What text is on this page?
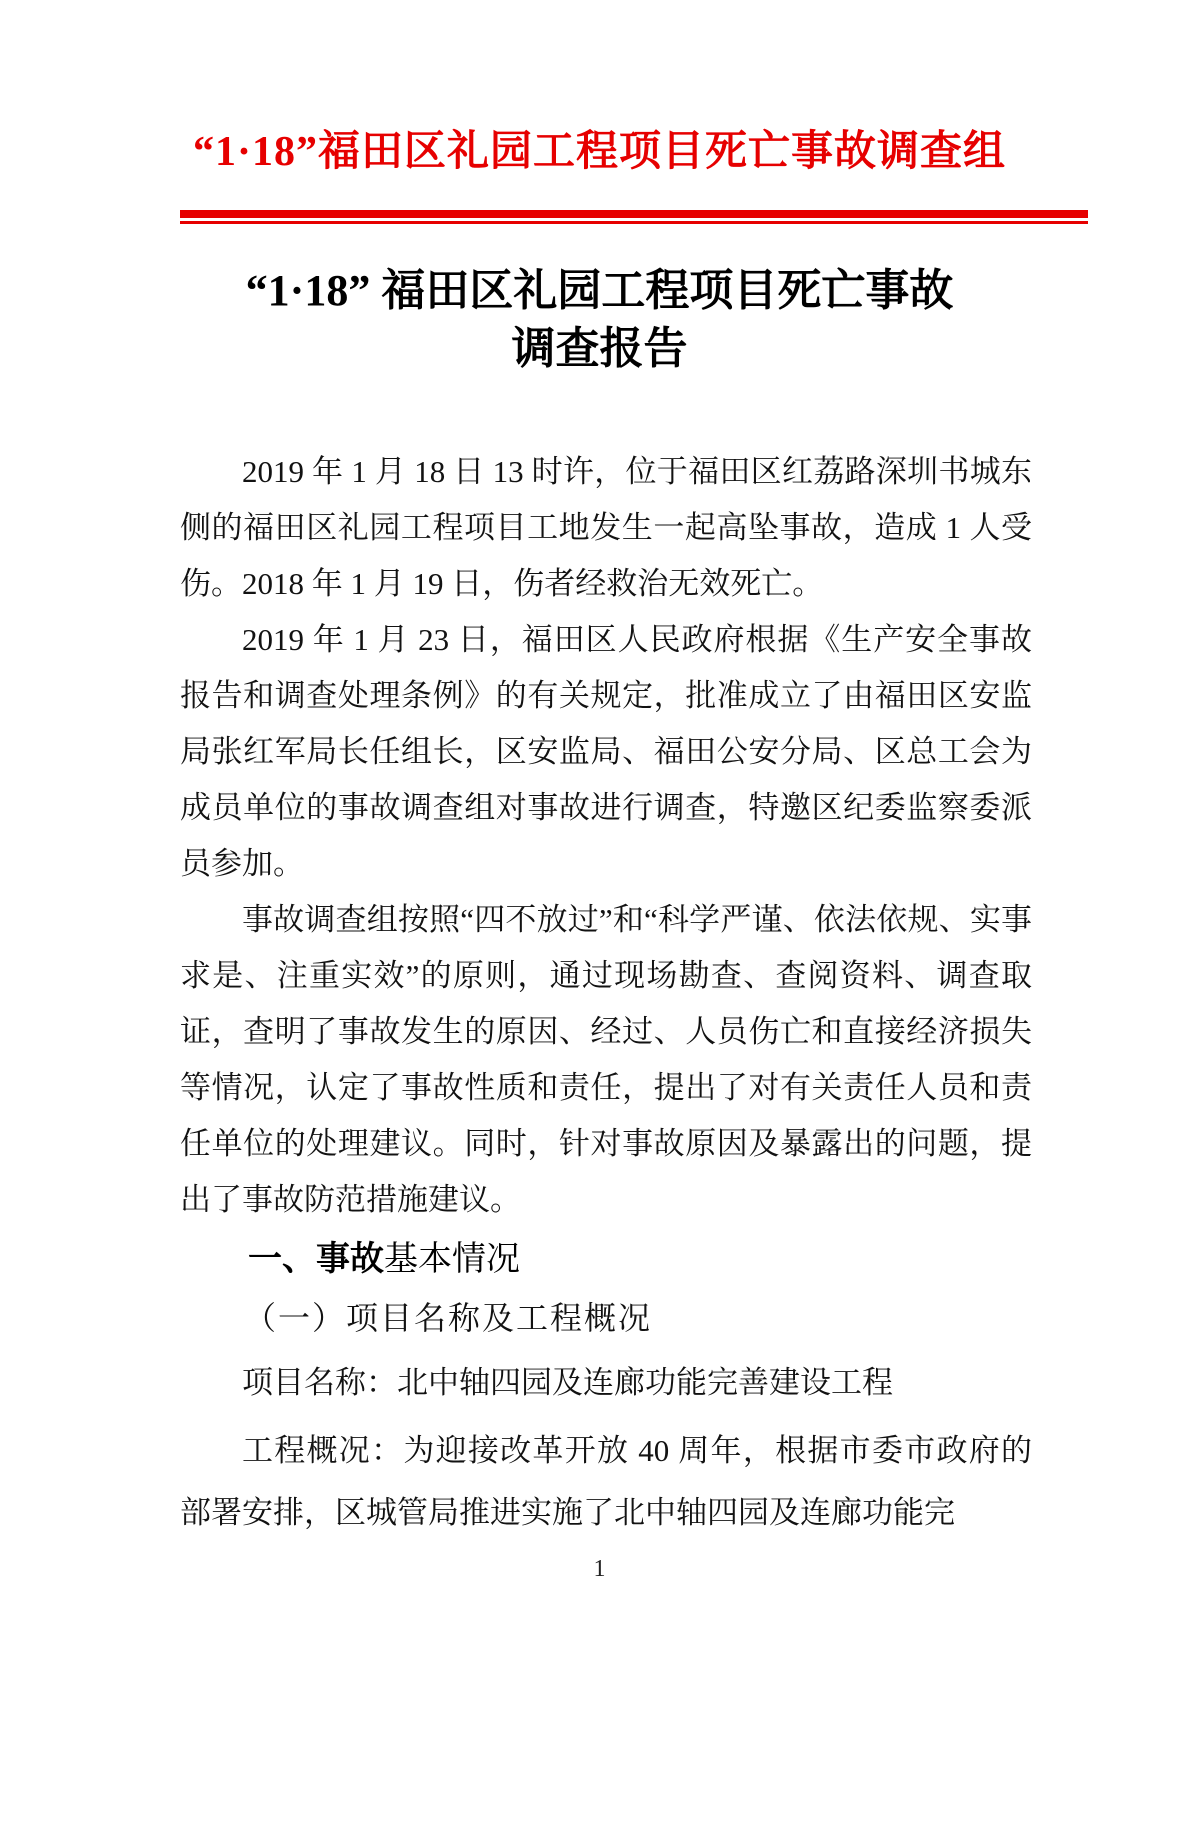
“1·18”福田区礼园工程项目死亡事故调查组
“1·18” 福田区礼园工程项目死亡事故
调查报告

2019 年 1 月 18 日 13 时许，位于福田区红荔路深圳书城东侧的福田区礼园工程项目工地发生一起高坠事故，造成 1 人受伤。2018 年 1 月 19 日，伤者经救治无效死亡。

2019 年 1 月 23 日，福田区人民政府根据《生产安全事故报告和调查处理条例》的有关规定，批准成立了由福田区安监局张红军局长任组长，区安监局、福田公安分局、区总工会为成员单位的事故调查组对事故进行调查，特邀区纪委监察委派员参加。

事故调查组按照“四不放过”和“科学严谨、依法依规、实事求是、注重实效”的原则，通过现场勘查、查阅资料、调查取证，查明了事故发生的原因、经过、人员伤亡和直接经济损失等情况，认定了事故性质和责任，提出了对有关责任人员和责任单位的处理建议。同时，针对事故原因及暴露出的问题，提出了事故防范措施建议。

一、事故基本情况

（一）项目名称及工程概况

项目名称：北中轴四园及连廊功能完善建设工程

工程概况：为迎接改革开放 40 周年，根据市委市政府的部署安排，区城管局推进实施了北中轴四园及连廊功能完

1
